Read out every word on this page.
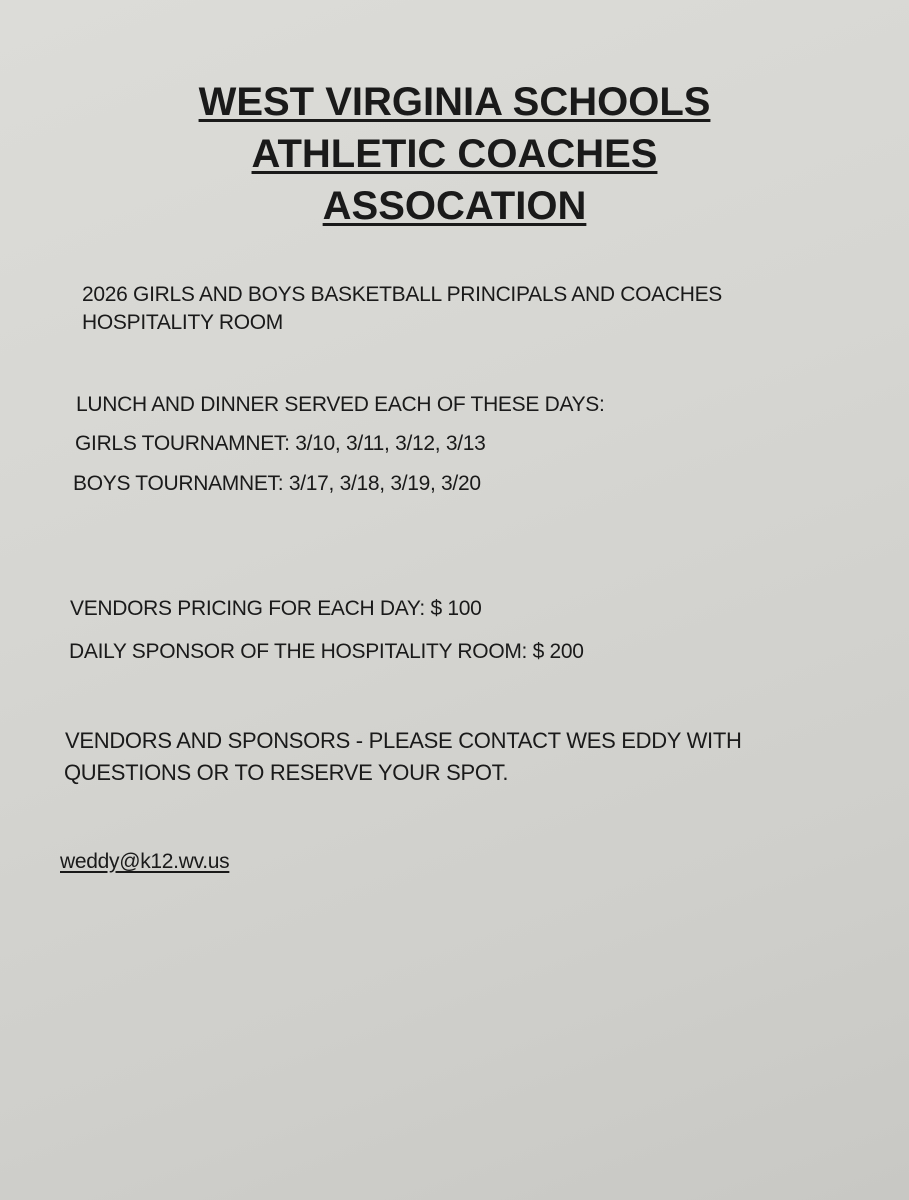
WEST VIRGINIA SCHOOLS
ATHLETIC COACHES
ASSOCATION
2026 GIRLS AND BOYS BASKETBALL PRINCIPALS AND COACHES
HOSPITALITY ROOM
LUNCH AND DINNER SERVED EACH OF THESE DAYS:
GIRLS TOURNAMNET: 3/10, 3/11, 3/12, 3/13
BOYS TOURNAMNET: 3/17, 3/18, 3/19, 3/20
VENDORS PRICING FOR EACH DAY: $ 100
DAILY SPONSOR OF THE HOSPITALITY ROOM: $ 200
VENDORS AND SPONSORS - PLEASE CONTACT WES EDDY WITH
QUESTIONS OR TO RESERVE YOUR SPOT.
weddy@k12.wv.us
